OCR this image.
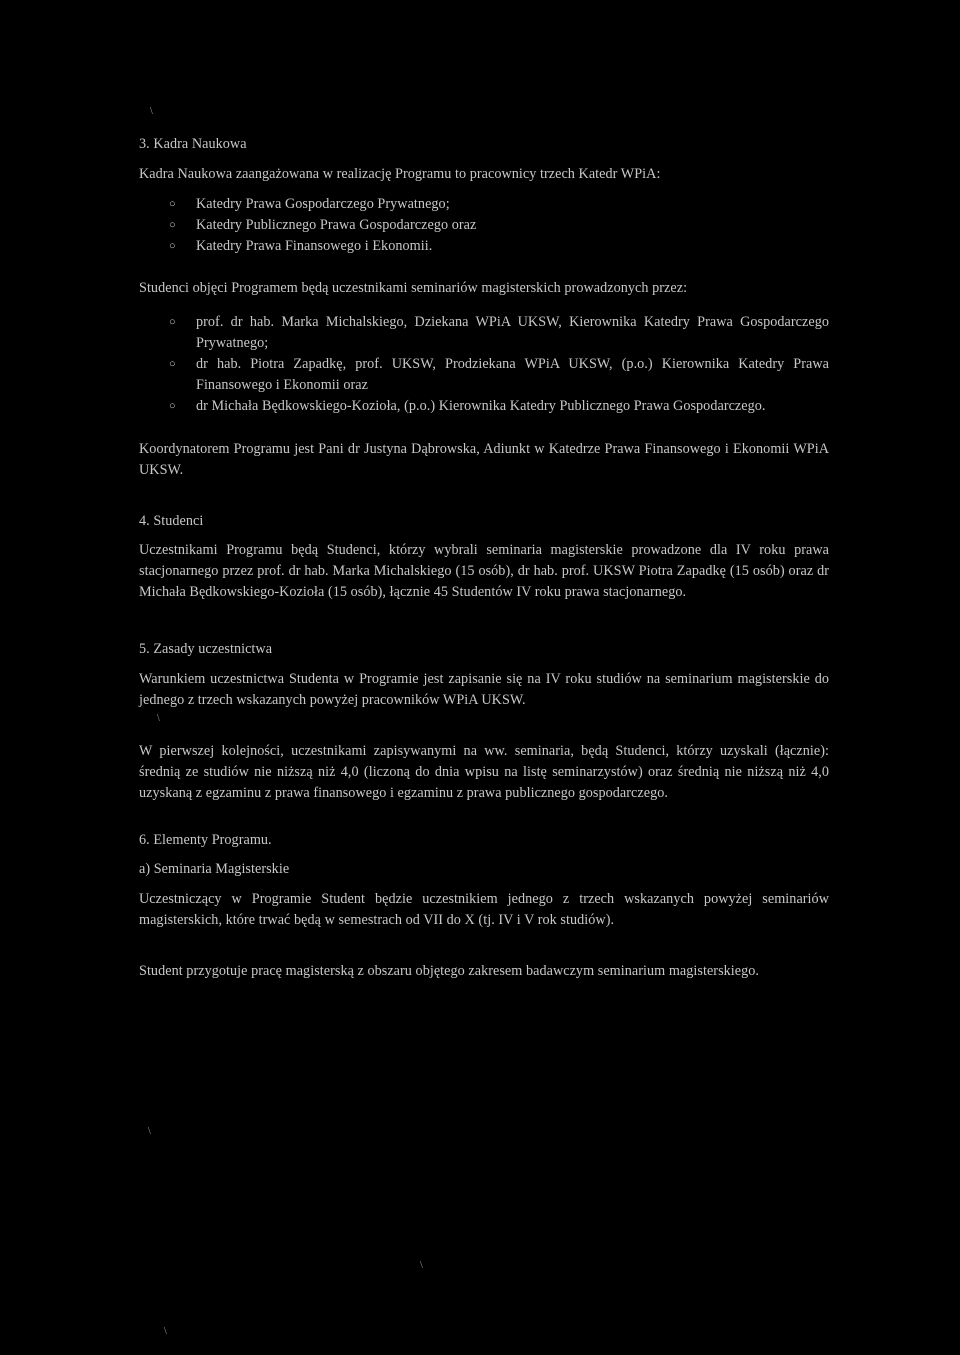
\
\
\
\
\

3. Kadra Naukowa

Kadra Naukowa zaangażowana w realizację Programu to pracownicy trzech Katedr WPiA:

○ Katedry Prawa Gospodarczego Prywatnego;
○ Katedry Publicznego Prawa Gospodarczego oraz
○ Katedry Prawa Finansowego i Ekonomii.

Studenci objęci Programem będą uczestnikami seminariów magisterskich prowadzonych przez:

○ prof. dr hab. Marka Michalskiego, Dziekana WPiA UKSW, Kierownika Katedry Prawa Gospodarczego Prywatnego;
○ dr hab. Piotra Zapadkę, prof. UKSW, Prodziekana WPiA UKSW, (p.o.) Kierownika Katedry Prawa Finansowego i Ekonomii oraz
○ dr Michała Będkowskiego-Kozioła, (p.o.) Kierownika Katedry Publicznego Prawa Gospodarczego.

Koordynatorem Programu jest Pani dr Justyna Dąbrowska, Adiunkt w Katedrze Prawa Finansowego i Ekonomii WPiA UKSW.

4. Studenci

Uczestnikami Programu będą Studenci, którzy wybrali seminaria magisterskie prowadzone dla IV roku prawa stacjonarnego przez prof. dr hab. Marka Michalskiego (15 osób), dr hab. prof. UKSW Piotra Zapadkę (15 osób) oraz dr Michała Będkowskiego-Kozioła (15 osób), łącznie 45 Studentów IV roku prawa stacjonarnego.

5. Zasady uczestnictwa

Warunkiem uczestnictwa Studenta w Programie jest zapisanie się na IV roku studiów na seminarium magisterskie do jednego z trzech wskazanych powyżej pracowników WPiA UKSW.

W pierwszej kolejności, uczestnikami zapisywanymi na ww. seminaria, będą Studenci, którzy uzyskali (łącznie): średnią ze studiów nie niższą niż 4,0 (liczoną do dnia wpisu na listę seminarzystów) oraz średnią nie niższą niż 4,0 uzyskaną z egzaminu z prawa finansowego i egzaminu z prawa publicznego gospodarczego.

6. Elementy Programu.

a) Seminaria Magisterskie

Uczestniczący w Programie Student będzie uczestnikiem jednego z trzech wskazanych powyżej seminariów magisterskich, które trwać będą w semestrach od VII do X (tj. IV i V rok studiów).

Student przygotuje pracę magisterską z obszaru objętego zakresem badawczym seminarium magisterskiego.
